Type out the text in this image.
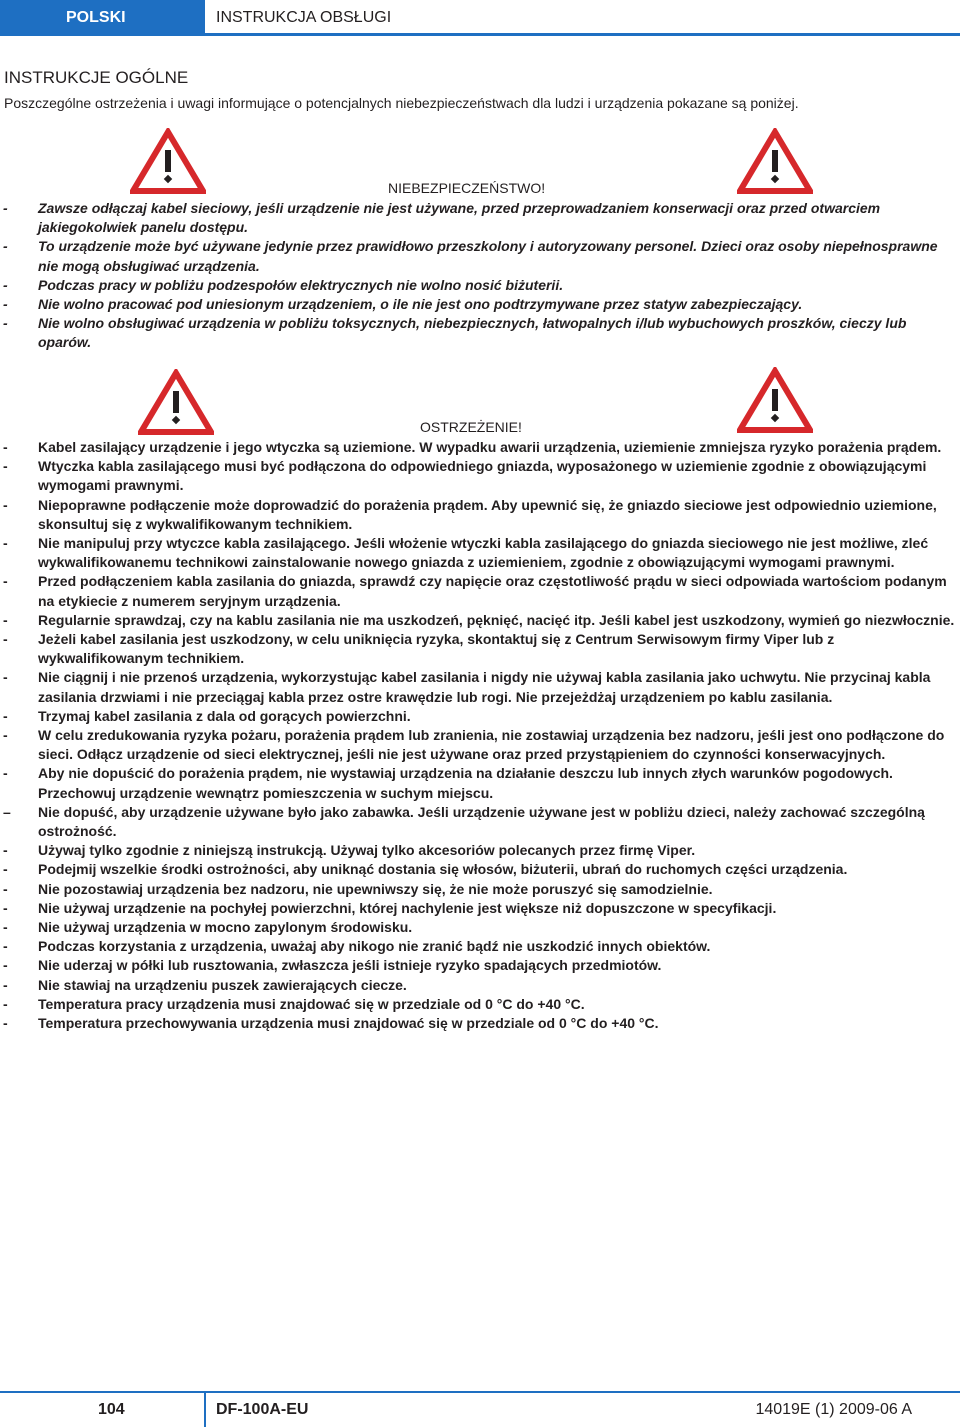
POLSKI	INSTRUKCJA OBSŁUGI
INSTRUKCJE OGÓLNE
Poszczególne ostrzeżenia i uwagi informujące o potencjalnych niebezpieczeństwach dla ludzi i urządzenia pokazane są poniżej.
NIEBEZPIECZEŃSTWO!
- Zawsze odłączaj kabel sieciowy, jeśli urządzenie nie jest używane, przed przeprowadzaniem konserwacji oraz przed otwarciem jakiegokolwiek panelu dostępu.
- To urządzenie może być używane jedynie przez prawidłowo przeszkolony i autoryzowany personel. Dzieci oraz osoby niepełnosprawne nie mogą obsługiwać urządzenia.
- Podczas pracy w pobliżu podzespołów elektrycznych nie wolno nosić biżuterii.
- Nie wolno pracować pod uniesionym urządzeniem, o ile nie jest ono podtrzymywane przez statyw zabezpieczający.
- Nie wolno obsługiwać urządzenia w pobliżu toksycznych, niebezpiecznych, łatwopalnych i/lub wybuchowych proszków, cieczy lub oparów.
OSTRZEŻENIE!
- Kabel zasilający urządzenie i jego wtyczka są uziemione. W wypadku awarii urządzenia, uziemienie zmniejsza ryzyko porażenia prądem.
- Wtyczka kabla zasilającego musi być podłączona do odpowiedniego gniazda, wyposażonego w uziemienie zgodnie z obowiązującymi wymogami prawnymi.
- Niepoprawne podłączenie może doprowadzić do porażenia prądem. Aby upewnić się, że gniazdo sieciowe jest odpowiednio uziemione, skonsultuj się z wykwalifikowanym technikiem.
- Nie manipuluj przy wtyczce kabla zasilającego. Jeśli włożenie wtyczki kabla zasilającego do gniazda sieciowego nie jest możliwe, zleć wykwalifikowanemu technikowi zainstalowanie nowego gniazda z uziemieniem, zgodnie z obowiązującymi wymogami prawnymi.
- Przed podłączeniem kabla zasilania do gniazda, sprawdź czy napięcie oraz częstotliwość prądu w sieci odpowiada wartościom podanym na etykiecie z numerem seryjnym urządzenia.
- Regularnie sprawdzaj, czy na kablu zasilania nie ma uszkodzeń, pęknięć, nacięć itp. Jeśli kabel jest uszkodzony, wymień go niezwłocznie.
- Jeżeli kabel zasilania jest uszkodzony, w celu uniknięcia ryzyka, skontaktuj się z Centrum Serwisowym firmy Viper lub z wykwalifikowanym technikiem.
- Nie ciągnij i nie przenoś urządzenia, wykorzystując kabel zasilania i nigdy nie używaj kabla zasilania jako uchwytu. Nie przycinaj kabla zasilania drzwiami i nie przeciągaj kabla przez ostre krawędzie lub rogi. Nie przejeżdżaj urządzeniem po kablu zasilania.
- Trzymaj kabel zasilania z dala od gorących powierzchni.
- W celu zredukowania ryzyka pożaru, porażenia prądem lub zranienia, nie zostawiaj urządzenia bez nadzoru, jeśli jest ono podłączone do sieci. Odłącz urządzenie od sieci elektrycznej, jeśli nie jest używane oraz przed przystąpieniem do czynności konserwacyjnych.
- Aby nie dopuścić do porażenia prądem, nie wystawiaj urządzenia na działanie deszczu lub innych złych warunków pogodowych. Przechowuj urządzenie wewnątrz pomieszczenia w suchym miejscu.
– Nie dopuść, aby urządzenie używane było jako zabawka. Jeśli urządzenie używane jest w pobliżu dzieci, należy zachować szczególną ostrożność.
- Używaj tylko zgodnie z niniejszą instrukcją. Używaj tylko akcesoriów polecanych przez firmę Viper.
- Podejmij wszelkie środki ostrożności, aby uniknąć dostania się włosów, biżuterii, ubrań do ruchomych części urządzenia.
- Nie pozostawiaj urządzenia bez nadzoru, nie upewniwszy się, że nie może poruszyć się samodzielnie.
- Nie używaj urządzenie na pochyłej powierzchni, której nachylenie jest większe niż dopuszczone w specyfikacji.
- Nie używaj urządzenia w mocno zapylonym środowisku.
- Podczas korzystania z urządzenia, uważaj aby nikogo nie zranić bądź nie uszkodzić innych obiektów.
- Nie uderzaj w półki lub rusztowania, zwłaszcza jeśli istnieje ryzyko spadających przedmiotów.
- Nie stawiaj na urządzeniu puszek zawierających ciecze.
- Temperatura pracy urządzenia musi znajdować się w przedziale od 0 °C do +40 °C.
- Temperatura przechowywania urządzenia musi znajdować się w przedziale od 0 °C do +40 °C.
104	DF-100A-EU	14019E (1) 2009-06 A
